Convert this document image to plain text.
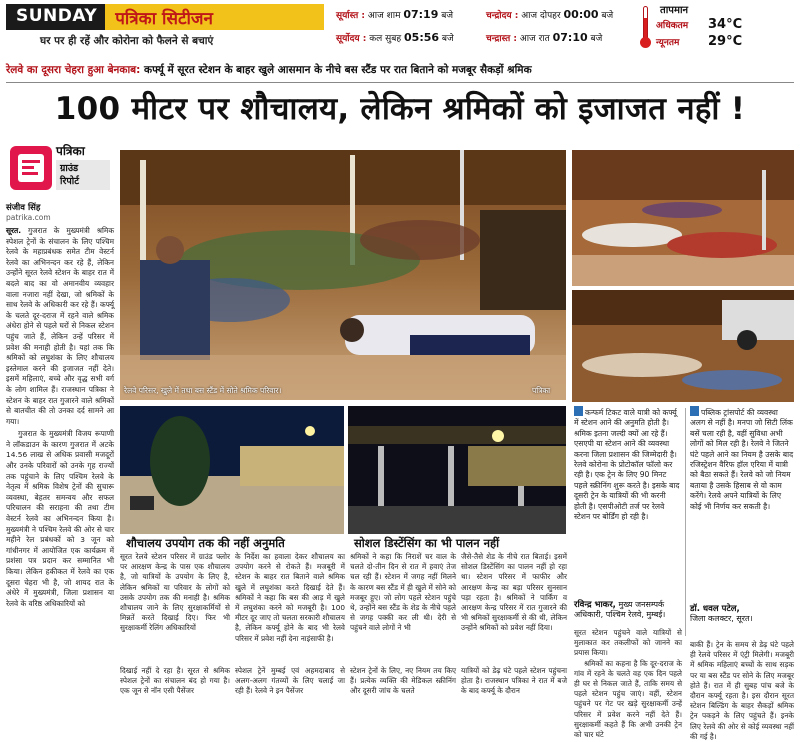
SUNDAY	पत्रिका सिटीजन
घर पर ही रहें और कोरोना को फैलने से बचाएं
सूर्यास्त : आज शाम 07:19 बजे
सूर्योदय : कल सुबह 05:56 बजे
चन्द्रोदय : आज दोपहर 00:00 बजे
चन्द्रास्त : आज रात 07:10 बजे
तापमान
अधिकतम	34°C
न्यूनतम	29°C
रेलवे का दूसरा चेहरा हुआ बेनकाब: कर्फ्यू में सूरत स्टेशन के बाहर खुले आसमान के नीचे बस स्टैंड पर रात बिताने को मजबूर सैकड़ों श्रमिक
100 मीटर पर शौचालय, लेकिन श्रमिकों को इजाजत नहीं !
पत्रिका
ग्राउंड
रिपोर्ट
संजीव सिंह
patrika.com
सूरत. गुजरात के मुख्यमंत्री श्रमिक स्पेशल ट्रेनों के संचालन के लिए पश्चिम रेलवे के महाप्रबंधक समेत टीम वेस्टर्न रेलवे का अभिनन्दन कर रहे हैं, लेकिन उन्होंने सूरत रेलवे स्टेशन के बाहर रात में बदले बाद का वो अमानवीय व्यवहार वाला नजारा नहीं देखा, जो श्रमिकों के साथ रेलवे के अधिकारी कर रहे हैं। कर्फ्यू के चलते दूर-दराज में रहने वाले श्रमिक अंधेरा होने से पहले घरों से निकल स्टेशन पहुंच जाते हैं, लेकिन उन्हें परिसर में प्रवेश की मनाही होती है। यहां तक कि श्रमिकों को लघुशंका के लिए शौचालय इस्तेमाल करने की इजाजत नहीं देते। इसमें महिलाएं, बच्चे और वृद्ध सभी वर्ग के लोग शामिल हैं। राजस्थान पत्रिका ने स्टेशन के बाहर रात गुजारने वाले श्रमिकों से बातचीत की तो उनका दर्द सामने आ गया।
गुजरात के मुख्यमंत्री विजय रूपाणी ने लॉकडाउन के कारण गुजरात में अटके 14.56 लाख से अधिक प्रवासी मजदूरों और उनके परिवारों को उनके गृह राज्यों तक पहुंचाने के लिए पश्चिम रेलवे के नेतृत्व में श्रमिक विशेष ट्रेनों की सुचारू व्यवस्था, बेहतर समन्वय और सफल परिचालन की सराहना की तथा टीम वेस्टर्न रेलवे का अभिनन्दन किया है। मुख्यमंत्री ने पश्चिम रेलवे की ओर से चार महीने रेल प्रबंधकों को 3 जून को गांधीनगर में आयोजित एक कार्यक्रम में प्रशंसा पत्र प्रदान कर सम्मानित भी किया। लेकिन हकीकत में रेलवे का एक दूसरा चेहरा भी है, जो शायद रात के अंधेरे में मुख्यमंत्री, जिला प्रशासन या रेलवे के वरिष्ठ अधिकारियों को
रेलवे परिसर, खुले में तथा बस स्टैंड में सोते श्रमिक परिवार।	पत्रिका
शौचालय उपयोग तक की नहीं अनुमति	सोशल डिस्टेंसिंग का भी पालन नहीं
सूरत रेलवे स्टेशन परिसर में ग्राउंड फ्लोर पर आरक्षण केन्द्र के पास एक शौचालय है, जो यात्रियों के उपयोग के लिए है, लेकिन श्रमिकों या परिवार के लोगों को उसके उपयोग तक की मनाही है। श्रमिक शौचालय जाने के लिए सुरक्षाकर्मियों से मिन्नतें करते दिखाई दिए। फिर भी सुरक्षाकर्मी रेलिंग अधिकारियों
के निर्देश का हवाला देकर शौचालय का उपयोग करने से रोकते हैं। मजबूरी में स्टेशन के बाहर रात बिताने वाले श्रमिक खुले में लघुशंका करते दिखाई देते हैं। श्रमिकों ने कहा कि बस की आड़ में खुले में लघुशंका करने को मजबूरी है। 100 मीटर दूर जाए तो चलता सरकारी शौचालय है, लेकिन कर्फ्यू होने के बाद भी रेलवे परिसर में प्रवेश नहीं देना नाइंसाफी है।
दिखाई नहीं दे रहा है। सूरत से श्रमिक स्पेशल ट्रेनों का संचालन बंद हो गया है। एक जून से नॉन एसी पैसेंजर
स्पेशल ट्रेनें मुम्बई एवं अहमदाबाद से अलग-अलग गंतव्यों के लिए चलाई जा रही हैं। रेलवे ने इन पैसेंजर
श्रमिकों ने कहा कि निराशें चर वाल के चलते दो-तीन दिन से रात में हवाएं तेज चल रही हैं। स्टेशन में जगह नहीं मिलने के कारण बस स्टैंड में ही खुले में सोने को मजबूर हुए। जो लोग पहले स्टेशन पहुंचे थे, उन्होंने बस स्टैंड के शेड के नीचे पहले से जगह पक्की कर ली थी। देरी से पहुंचने वाले लोगों ने भी
जैसे-तैसे शेड के नीचे रात बिताई। इसमें सोशल डिस्टेंसिंग का पालन नहीं हो रहा था। स्टेशन परिसर में फाफीर और आरक्षण केन्द्र का बड़ा परिसर सुनसान पड़ा रहता है। श्रमिकों ने पार्किंग व आरक्षण केन्द्र परिसर में रात गुजारने की भी श्रमिकों सुरक्षाकर्मी से की थी, लेकिन उन्होंने श्रमिकों को प्रवेश नहीं दिया।
स्टेशन ट्रेनों के लिए, नए नियम तय किए हैं। प्रत्येक व्यक्ति की मेडिकल स्क्रीनिंग और दूसरी जांच के चलते
यात्रियों को डेढ़ घंटे पहले स्टेशन पहुंचना होता है। राजस्थान पत्रिका ने रात में बजे के बाद कर्फ्यू के दौरान
कन्फर्म टिकट वाले यात्री को कर्फ्यू में स्टेशन आने की अनुमति होती है। श्रमिक इतना जल्दी क्यों आ रहे हैं। एसएपी या स्टेशन आने की व्यवस्था करना जिला प्रशासन की जिम्मेदारी है। रेलवे कोरोना के प्रोटोकॉल फॉलो कर रही है। एक ट्रेन के लिए 90 मिनट पहले स्क्रीनिंग शुरू करते है। इसके बाद दूसरी ट्रेन के यात्रियों की भी करनी होती है। एसपीओटी तर्ज पर रेलवे स्टेशन पर बोर्डिंग हो रही है।
रविन्द्र भाकर, मुख्य जनसम्पर्क अधिकारी, पश्चिम रेलवे, मुम्बई।
पब्लिक ट्रांसपोर्ट की व्यवस्था अलग से नहीं है। मनपा जो सिटी लिंक बसें चला रही है, वहीं सुविधा अभी लोगों को मिल रही है। रेलवे ने जितने घंटे पहले आने का नियम है उसके बाद रजिस्ट्रेशन वैरिफ हॉल एरिया में यात्री को बैठा सकते हैं। रेलवे को जो नियम बताया है उसके हिसाब से वो काम करेंगे। रेलवे अपने यात्रियों के लिए कोई भी निर्णय कर सकती है।
डॉ. धवल पटेल,
जिला कलक्टर, सूरत।
सूरत स्टेशन पहुंचने वाले यात्रियों से मुलाकात कर तकलीफों को जानने का प्रयास किया।
श्रमिकों का कहना है कि दूर-दराज के गांव में रहने के चलते वह एक दिन पहले ही घर से निकल जाते हैं, ताकि समय से पहले स्टेशन पहुंच जाएं। वहीं, स्टेशन पहुंचने पर गेट पर खड़े सुरक्षाकर्मी उन्हें परिसर में प्रवेश करने नहीं देते हैं। सुरक्षाकर्मी कहते हैं कि अभी उनकी ट्रेन को चार घंटे
बाकी हैं। ट्रेन के समय से डेढ़ घंटे पहले ही रेलवे परिसर में एंट्री मिलेगी। मजबूरी में श्रमिक महिलाएं बच्चों के साथ सड़क पर या बस स्टैंड पर सोने के लिए मजबूर होते हैं। रात में ही सुबह पांच बजे के दौरान कर्फ्यू रहता है। इस दौरान सूरत स्टेशन बिल्डिंग के बाहर सैकड़ों श्रमिक ट्रेन पकड़ने के लिए पहुंचते हैं। इनके लिए रेलवे की ओर से कोई व्यवस्था नहीं की गई है।
